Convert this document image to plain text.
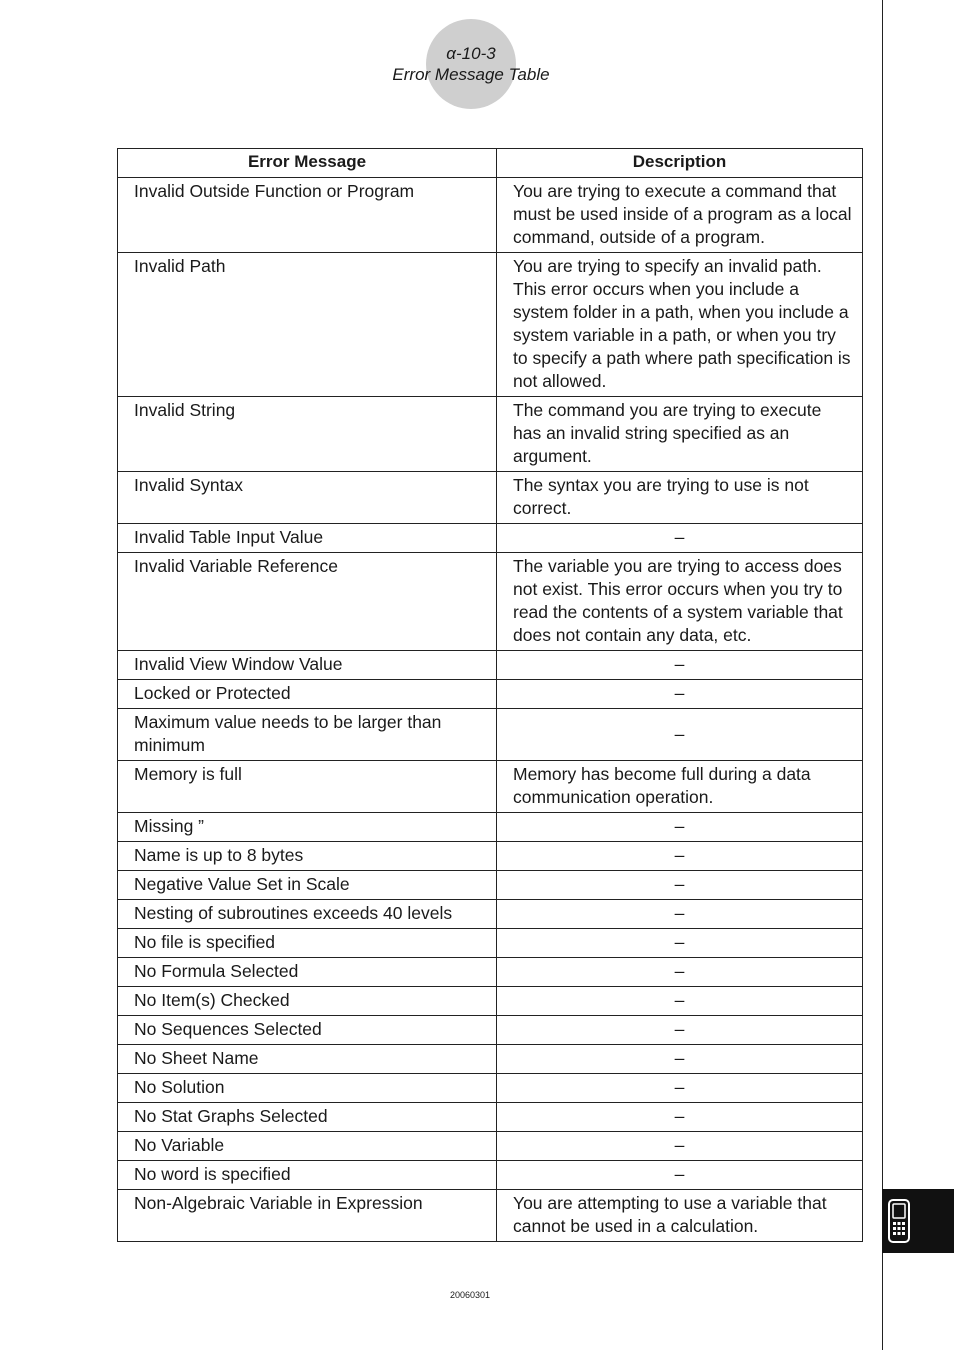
α-10-3
Error Message Table
Error Message	Description
Invalid Outside Function or Program	You are trying to execute a command that must be used inside of a program as a local command, outside of a program.
Invalid Path	You are trying to specify an invalid path. This error occurs when you include a system folder in a path, when you include a system variable in a path, or when you try to specify a path where path specification is not allowed.
Invalid String	The command you are trying to execute has an invalid string specified as an argument.
Invalid Syntax	The syntax you are trying to use is not correct.
Invalid Table Input Value	–
Invalid Variable Reference	The variable you are trying to access does not exist. This error occurs when you try to read the contents of a system variable that does not contain any data, etc.
Invalid View Window Value	–
Locked or Protected	–
Maximum value needs to be larger than minimum	–
Memory is full	Memory has become full during a data communication operation.
Missing ”	–
Name is up to 8 bytes	–
Negative Value Set in Scale	–
Nesting of subroutines exceeds 40 levels	–
No file is specified	–
No Formula Selected	–
No Item(s) Checked	–
No Sequences Selected	–
No Sheet Name	–
No Solution	–
No Stat Graphs Selected	–
No Variable	–
No word is specified	–
Non-Algebraic Variable in Expression	You are attempting to use a variable that cannot be used in a calculation.
20060301
